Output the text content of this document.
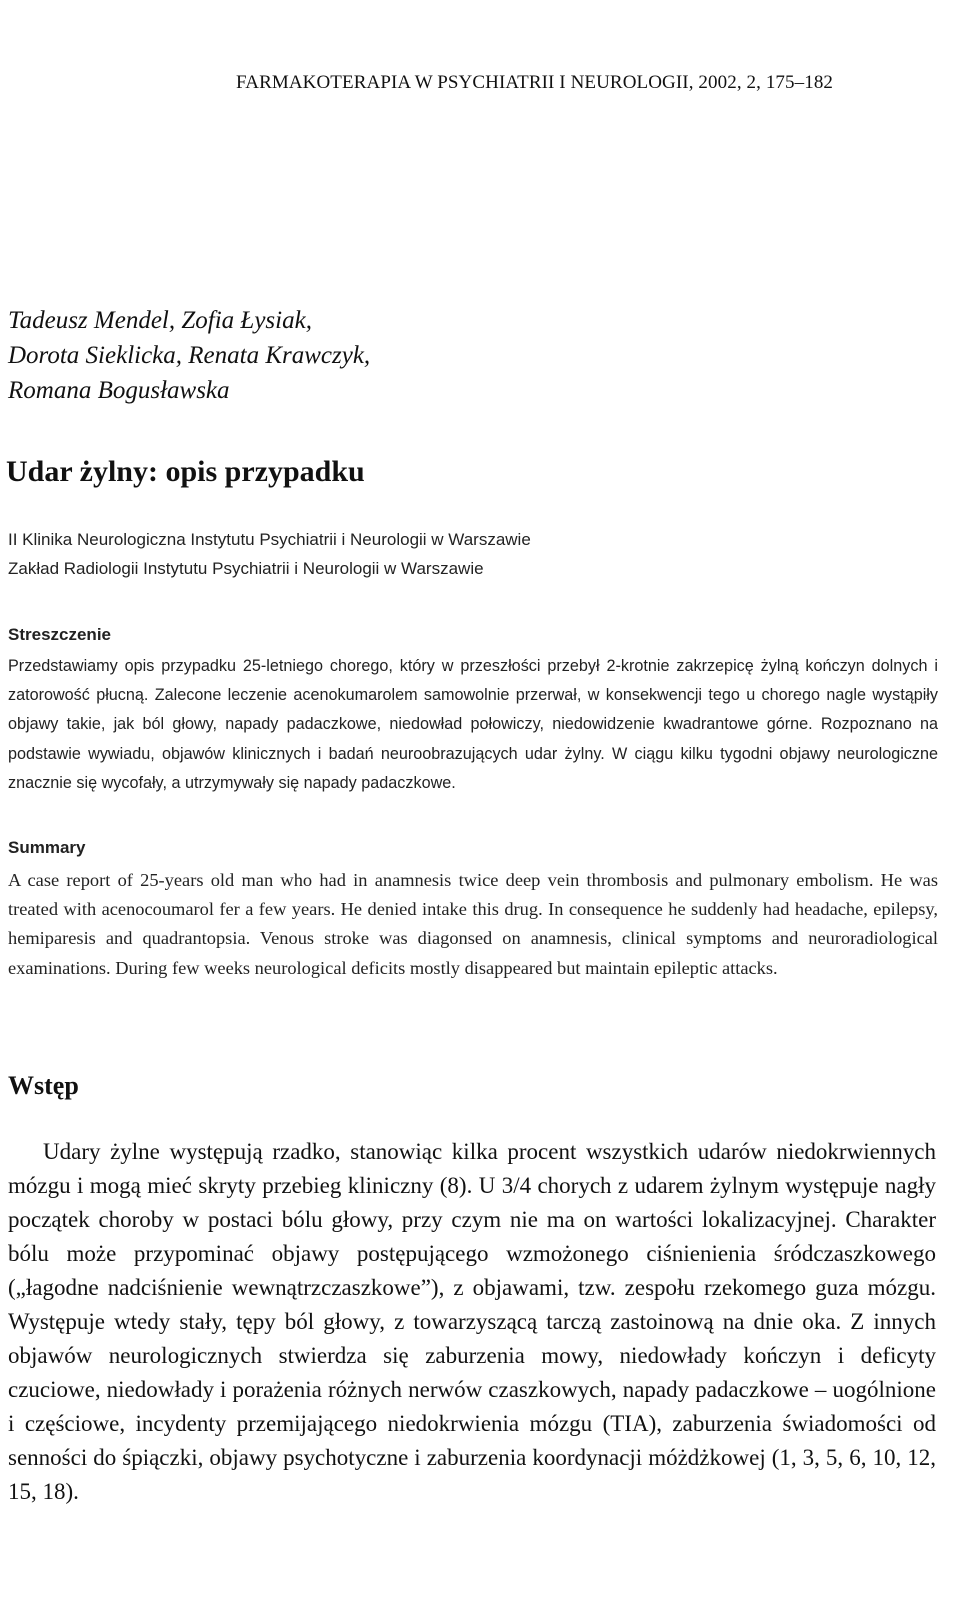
FARMAKOTERAPIA W PSYCHIATRII I NEUROLOGII, 2002, 2, 175–182
Tadeusz Mendel, Zofia Łysiak,
Dorota Sieklicka, Renata Krawczyk,
Romana Bogusławska
Udar żylny: opis przypadku
II Klinika Neurologiczna Instytutu Psychiatrii i Neurologii w Warszawie
Zakład Radiologii Instytutu Psychiatrii i Neurologii w Warszawie
Streszczenie
Przedstawiamy opis przypadku 25-letniego chorego, który w przeszłości przebył 2-krotnie zakrzepicę żylną kończyn dolnych i zatorowość płucną. Zalecone leczenie acenokumarolem samowolnie przerwał, w konsekwencji tego u chorego nagle wystąpiły objawy takie, jak ból głowy, napady padaczkowe, niedowład połowiczy, niedowidzenie kwadrantowe górne. Rozpoznano na podstawie wywiadu, objawów klinicznych i badań neuroobrazujących udar żylny. W ciągu kilku tygodni objawy neurologiczne znacznie się wycofały, a utrzymywały się napady padaczkowe.
Summary
A case report of 25-years old man who had in anamnesis twice deep vein thrombosis and pulmonary embolism. He was treated with acenocoumarol fer a few years. He denied intake this drug. In consequence he suddenly had headache, epilepsy, hemiparesis and quadrantopsia. Venous stroke was diagonsed on anamnesis, clinical symptoms and neuroradiological examinations. During few weeks neurological deficits mostly disappeared but maintain epileptic attacks.
Wstęp
Udary żylne występują rzadko, stanowiąc kilka procent wszystkich udarów niedokrwiennych mózgu i mogą mieć skryty przebieg kliniczny (8). U 3/4 chorych z udarem żylnym występuje nagły początek choroby w postaci bólu głowy, przy czym nie ma on wartości lokalizacyjnej. Charakter bólu może przypominać objawy postępującego wzmożonego ciśnienienia śródczaszkowego („łagodne nadciśnienie wewnątrzczaszkowe”), z objawami, tzw. zespołu rzekomego guza mózgu. Występuje wtedy stały, tępy ból głowy, z towarzyszącą tarczą zastoinową na dnie oka. Z innych objawów neurologicznych stwierdza się zaburzenia mowy, niedowłady kończyn i deficyty czuciowe, niedowłady i porażenia różnych nerwów czaszkowych, napady padaczkowe – uogólnione i częściowe, incydenty przemijającego niedokrwienia mózgu (TIA), zaburzenia świadomości od senności do śpiączki, objawy psychotyczne i zaburzenia koordynacji móżdżkowej (1, 3, 5, 6, 10, 12, 15, 18).
